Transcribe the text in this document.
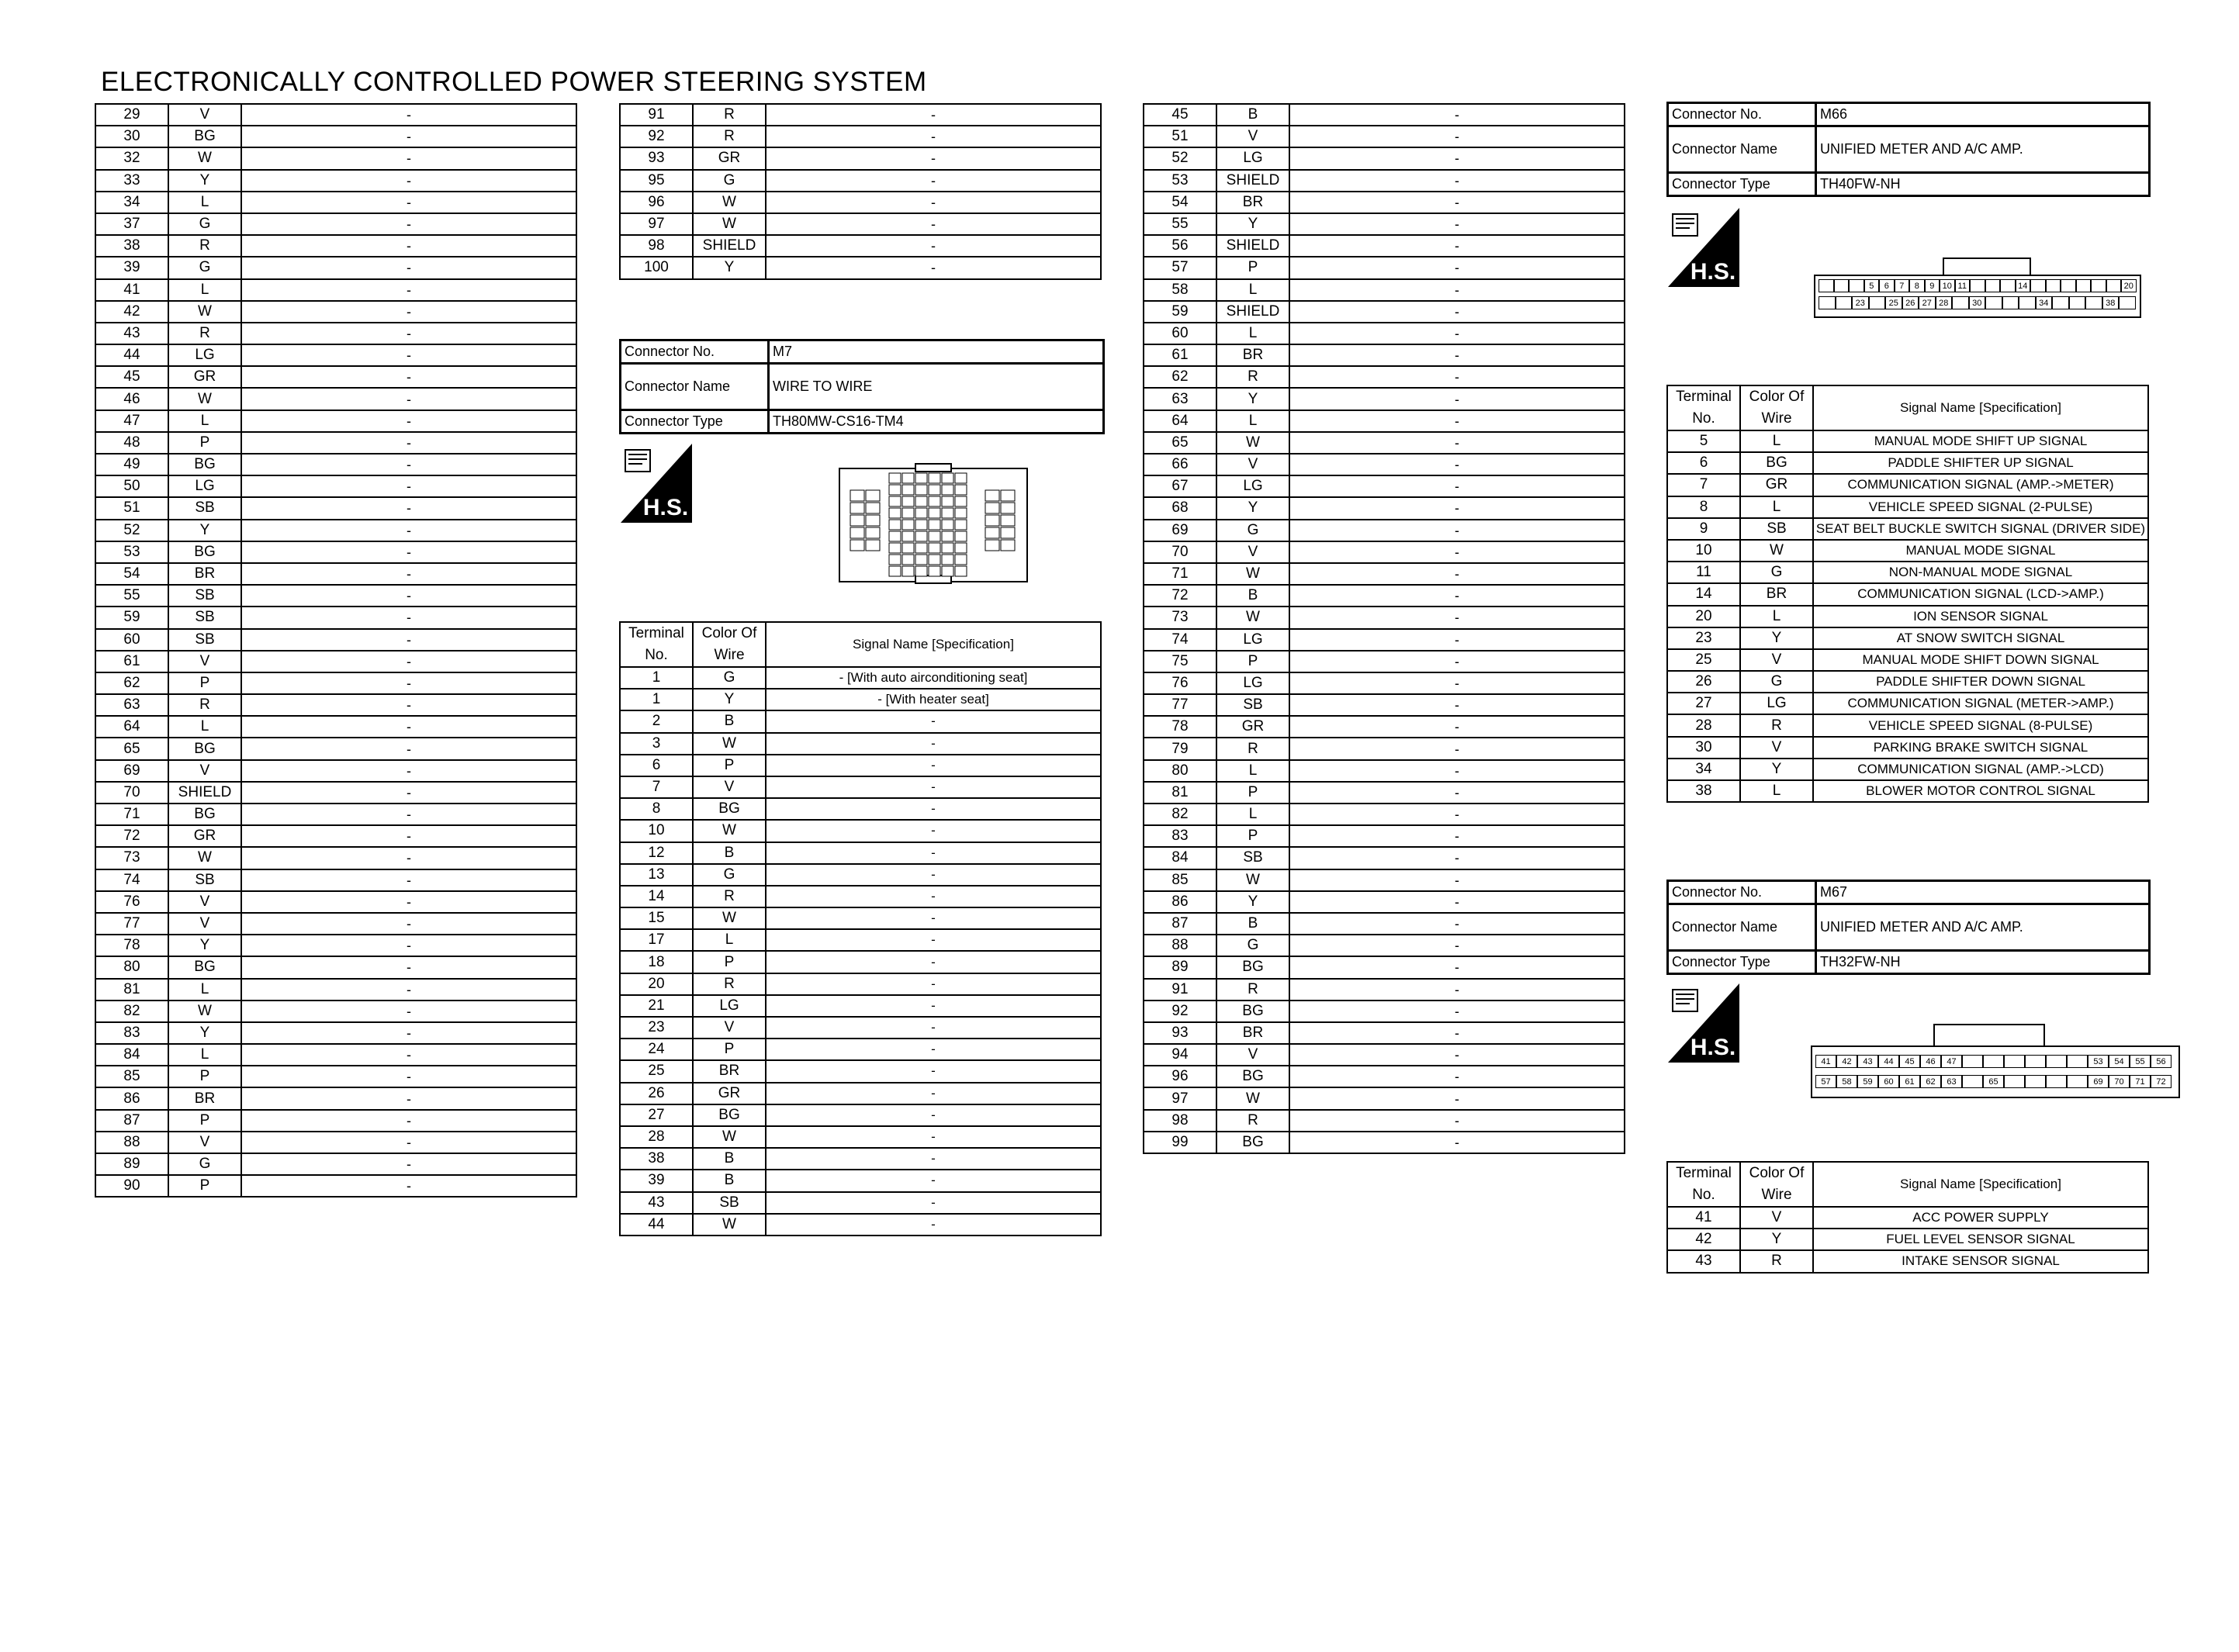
ELECTRONICALLY CONTROLLED POWER STEERING SYSTEM
29	V	-
30	BG	-
32	W	-
33	Y	-
34	L	-
37	G	-
38	R	-
39	G	-
41	L	-
42	W	-
43	R	-
44	LG	-
45	GR	-
46	W	-
47	L	-
48	P	-
49	BG	-
50	LG	-
51	SB	-
52	Y	-
53	BG	-
54	BR	-
55	SB	-
59	SB	-
60	SB	-
61	V	-
62	P	-
63	R	-
64	L	-
65	BG	-
69	V	-
70	SHIELD	-
71	BG	-
72	GR	-
73	W	-
74	SB	-
76	V	-
77	V	-
78	Y	-
80	BG	-
81	L	-
82	W	-
83	Y	-
84	L	-
85	P	-
86	BR	-
87	P	-
88	V	-
89	G	-
90	P	-
91	R	-
92	R	-
93	GR	-
95	G	-
96	W	-
97	W	-
98	SHIELD	-
100	Y	-
Connector No.	M7
Connector Name	WIRE TO WIRE
Connector Type	TH80MW-CS16-TM4
H.S.
Terminal No.	Color Of Wire	Signal Name [Specification]
1	G	- [With auto airconditioning seat]
1	Y	- [With heater seat]
2	B	-
3	W	-
6	P	-
7	V	-
8	BG	-
10	W	-
12	B	-
13	G	-
14	R	-
15	W	-
17	L	-
18	P	-
20	R	-
21	LG	-
23	V	-
24	P	-
25	BR	-
26	GR	-
27	BG	-
28	W	-
38	B	-
39	B	-
43	SB	-
44	W	-
45	B	-
51	V	-
52	LG	-
53	SHIELD	-
54	BR	-
55	Y	-
56	SHIELD	-
57	P	-
58	L	-
59	SHIELD	-
60	L	-
61	BR	-
62	R	-
63	Y	-
64	L	-
65	W	-
66	V	-
67	LG	-
68	Y	-
69	G	-
70	V	-
71	W	-
72	B	-
73	W	-
74	LG	-
75	P	-
76	LG	-
77	SB	-
78	GR	-
79	R	-
80	L	-
81	P	-
82	L	-
83	P	-
84	SB	-
85	W	-
86	Y	-
87	B	-
88	G	-
89	BG	-
91	R	-
92	BG	-
93	BR	-
94	V	-
96	BG	-
97	W	-
98	R	-
99	BG	-
Connector No.	M66
Connector Name	UNIFIED METER AND A/C AMP.
Connector Type	TH40FW-NH
H.S.
5	6	7	8	9 10 11	14	20
23	25 26 27 28	30	34	38
Terminal No.	Color Of Wire	Signal Name [Specification]
5	L	MANUAL MODE SHIFT UP SIGNAL
6	BG	PADDLE SHIFTER UP SIGNAL
7	GR	COMMUNICATION SIGNAL (AMP.->METER)
8	L	VEHICLE SPEED SIGNAL (2-PULSE)
9	SB	SEAT BELT BUCKLE SWITCH SIGNAL (DRIVER SIDE)
10	W	MANUAL MODE SIGNAL
11	G	NON-MANUAL MODE SIGNAL
14	BR	COMMUNICATION SIGNAL (LCD->AMP.)
20	L	ION SENSOR SIGNAL
23	Y	AT SNOW SWITCH SIGNAL
25	V	MANUAL MODE SHIFT DOWN SIGNAL
26	G	PADDLE SHIFTER DOWN SIGNAL
27	LG	COMMUNICATION SIGNAL (METER->AMP.)
28	R	VEHICLE SPEED SIGNAL (8-PULSE)
30	V	PARKING BRAKE SWITCH SIGNAL
34	Y	COMMUNICATION SIGNAL (AMP.->LCD)
38	L	BLOWER MOTOR CONTROL SIGNAL
Connector No.	M67
Connector Name	UNIFIED METER AND A/C AMP.
Connector Type	TH32FW-NH
H.S.
41	42	43	44	45	46	47	53	54	55	56
57	58	59	60	61	62	63	65	69	70	71	72
Terminal No.	Color Of Wire	Signal Name [Specification]
41	V	ACC POWER SUPPLY
42	Y	FUEL LEVEL SENSOR SIGNAL
43	R	INTAKE SENSOR SIGNAL
